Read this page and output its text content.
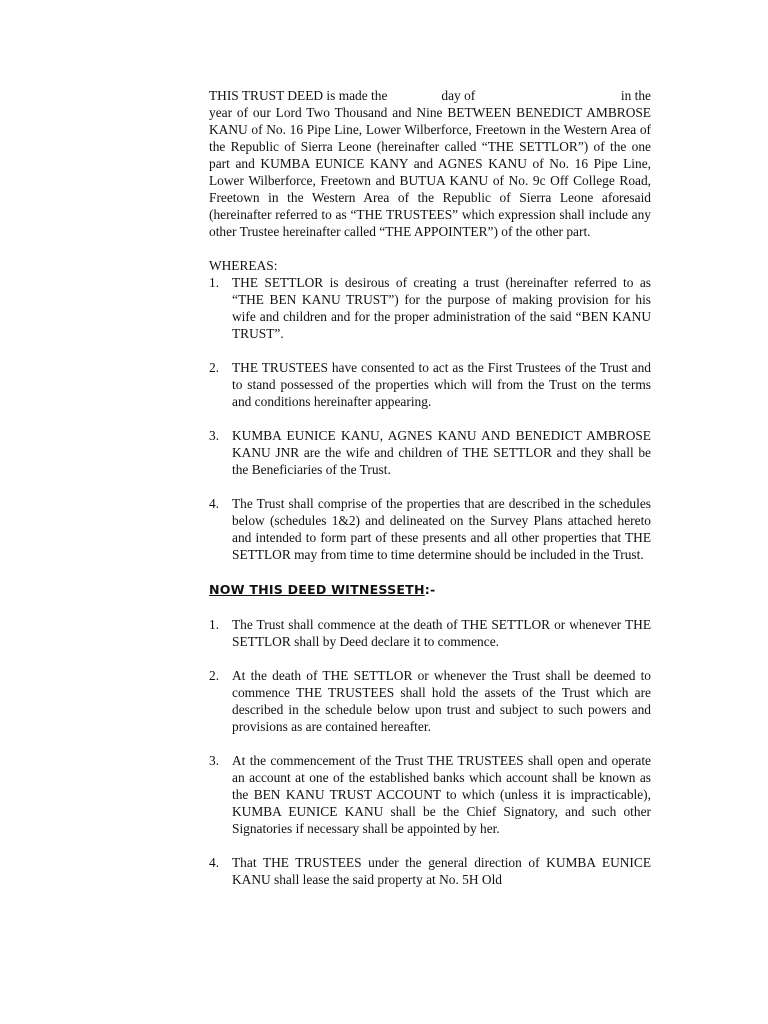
THIS TRUST DEED is made the	day of	in the

year of our Lord Two Thousand and Nine BETWEEN BENEDICT AMBROSE KANU of No. 16 Pipe Line, Lower Wilberforce, Freetown in the Western Area of the Republic of Sierra Leone (hereinafter called “THE SETTLOR”) of the one part and KUMBA EUNICE KANY and AGNES KANU of No. 16 Pipe Line, Lower Wilberforce, Freetown and BUTUA KANU of No. 9c Off College Road, Freetown in the Western Area of the Republic of Sierra Leone aforesaid (hereinafter referred to as “THE TRUSTEES” which expression shall include any other Trustee hereinafter called “THE APPOINTER”) of the other part.

WHEREAS:

1. THE SETTLOR is desirous of creating a trust (hereinafter referred to as “THE BEN KANU TRUST”) for the purpose of making provision for his wife and children and for the proper administration of the said “BEN KANU TRUST”.
2. THE TRUSTEES have consented to act as the First Trustees of the Trust and to stand possessed of the properties which will from the Trust on the terms and conditions hereinafter appearing.
3. KUMBA EUNICE KANU, AGNES KANU AND BENEDICT AMBROSE KANU JNR are the wife and children of THE SETTLOR and they shall be the Beneficiaries of the Trust.
4. The Trust shall comprise of the properties that are described in the schedules below (schedules 1&2) and delineated on the Survey Plans attached hereto and intended to form part of these presents and all other properties that THE SETTLOR may from time to time determine should be included in the Trust.

NOW THIS DEED WITNESSETH:-

1. The Trust shall commence at the death of THE SETTLOR or whenever THE SETTLOR shall by Deed declare it to commence.
2. At the death of THE SETTLOR or whenever the Trust shall be deemed to commence THE TRUSTEES shall hold the assets of the Trust which are described in the schedule below upon trust and subject to such powers and provisions as are contained hereafter.
3. At the commencement of the Trust THE TRUSTEES shall open and operate an account at one of the established banks which account shall be known as the BEN KANU TRUST ACCOUNT to which (unless it is impracticable), KUMBA EUNICE KANU shall be the Chief Signatory, and such other Signatories if necessary shall be appointed by her.
4. That THE TRUSTEES under the general direction of KUMBA EUNICE KANU shall lease the said property at No. 5H Old
